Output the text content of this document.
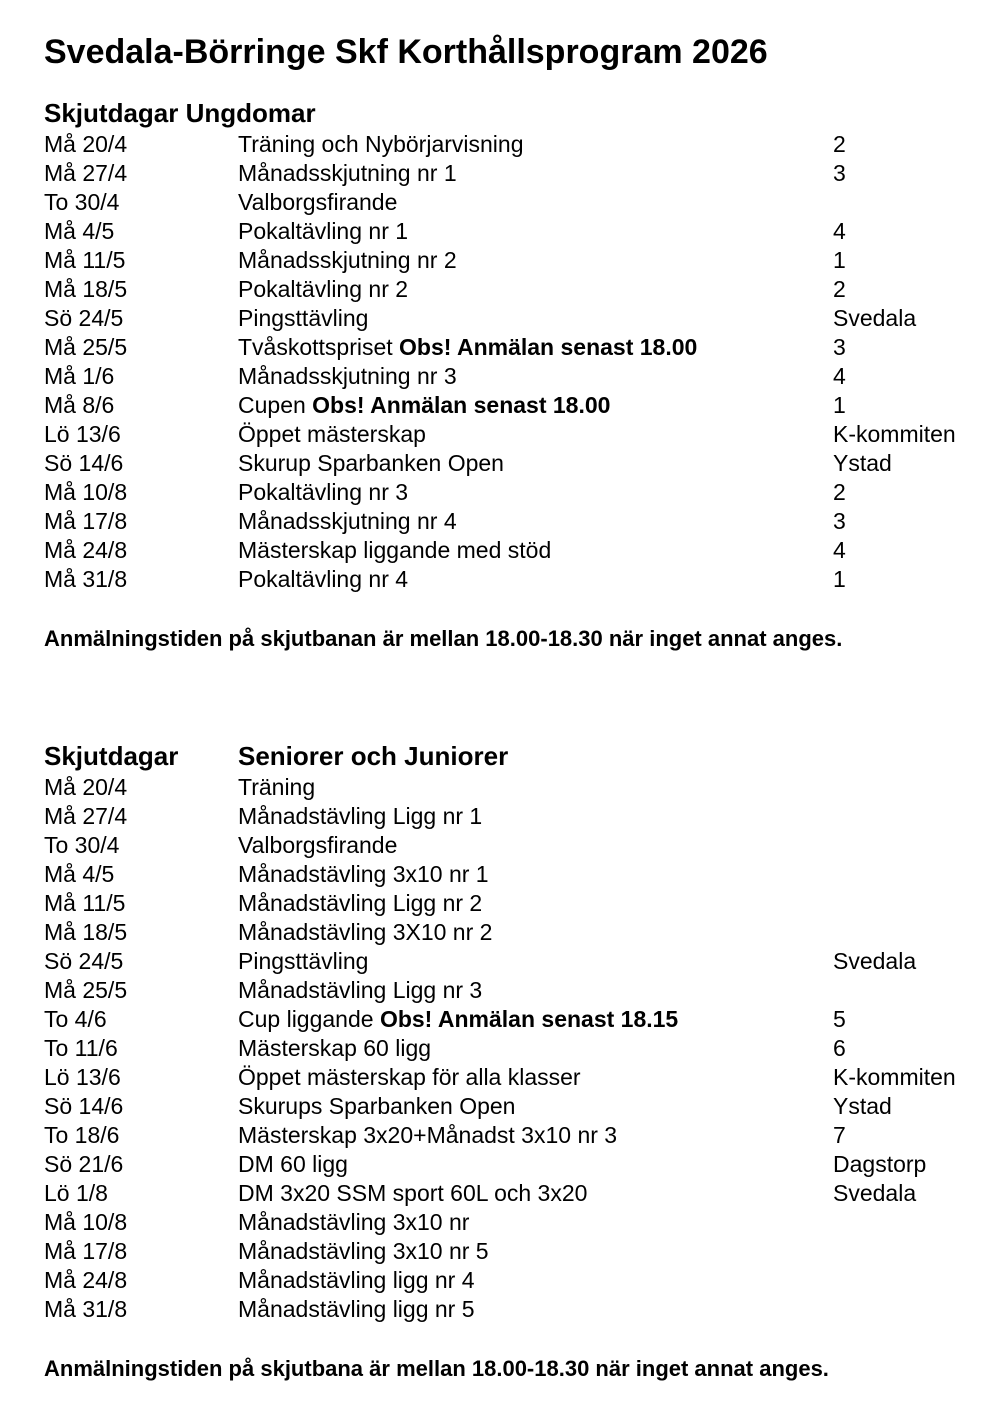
Svedala-Börringe Skf Korthållsprogram 2026
Skjutdagar Ungdomar
Må 20/4	Träning och Nybörjarvisning	2
Må 27/4	Månadsskjutning nr 1	3
To 30/4	Valborgsfirande
Må 4/5	Pokaltävling nr 1	4
Må 11/5	Månadsskjutning nr 2	1
Må 18/5	Pokaltävling nr 2	2
Sö 24/5	Pingsttävling	Svedala
Må 25/5	Tvåskottspriset Obs! Anmälan senast 18.00	3
Må 1/6	Månadsskjutning nr 3	4
Må 8/6	Cupen Obs! Anmälan senast 18.00	1
Lö 13/6	Öppet mästerskap	K-kommiten
Sö 14/6	Skurup Sparbanken Open	Ystad
Må 10/8	Pokaltävling nr 3	2
Må 17/8	Månadsskjutning nr 4	3
Må 24/8	Mästerskap liggande med stöd	4
Må 31/8	Pokaltävling nr 4	1
Anmälningstiden på skjutbanan är mellan 18.00-18.30 när inget annat anges.
Skjutdagar Seniorer och Juniorer
Må 20/4	Träning
Må 27/4	Månadstävling Ligg nr 1
To 30/4	Valborgsfirande
Må 4/5	Månadstävling 3x10 nr 1
Må 11/5	Månadstävling Ligg nr 2
Må 18/5	Månadstävling 3X10 nr 2
Sö 24/5	Pingsttävling	Svedala
Må 25/5	Månadstävling Ligg nr 3
To 4/6	Cup liggande Obs! Anmälan senast 18.15	5
To 11/6	Mästerskap 60 ligg	6
Lö 13/6	Öppet mästerskap för alla klasser	K-kommiten
Sö 14/6	Skurups Sparbanken Open	Ystad
To 18/6	Mästerskap 3x20+Månadst 3x10 nr 3	7
Sö 21/6	DM 60 ligg	Dagstorp
Lö 1/8	DM 3x20 SSM sport 60L och 3x20	Svedala
Må 10/8	Månadstävling 3x10 nr
Må 17/8	Månadstävling 3x10 nr 5
Må 24/8	Månadstävling ligg nr 4
Må 31/8	Månadstävling ligg nr 5
Anmälningstiden på skjutbana är mellan 18.00-18.30 när inget annat anges.
